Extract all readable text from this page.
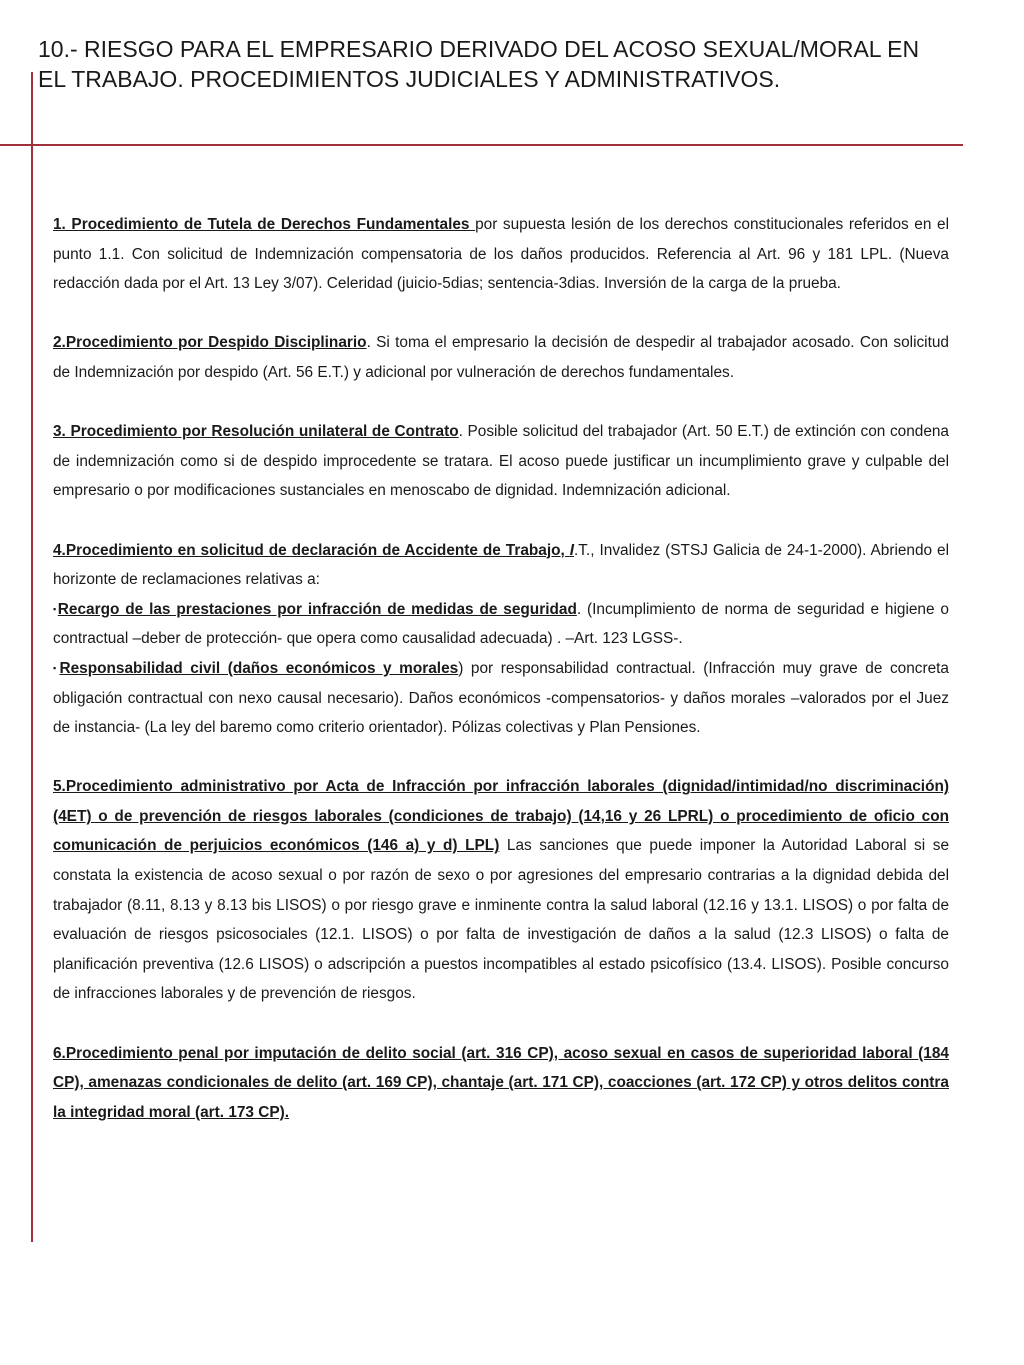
10.- RIESGO PARA EL EMPRESARIO DERIVADO DEL ACOSO SEXUAL/MORAL EN EL TRABAJO. PROCEDIMIENTOS JUDICIALES Y ADMINISTRATIVOS.

1. Procedimiento de Tutela de Derechos Fundamentales por supuesta lesión de los derechos constitucionales referidos en el punto 1.1. Con solicitud de Indemnización compensatoria de los daños producidos. Referencia al Art. 96 y 181 LPL. (Nueva redacción dada por el Art. 13 Ley 3/07). Celeridad (juicio-5dias; sentencia-3dias. Inversión de la carga de la prueba.

2.Procedimiento por Despido Disciplinario. Si toma el empresario la decisión de despedir al trabajador acosado. Con solicitud de Indemnización por despido (Art. 56 E.T.) y adicional por vulneración de derechos fundamentales.

3. Procedimiento por Resolución unilateral de Contrato. Posible solicitud del trabajador (Art. 50 E.T.) de extinción con condena de indemnización como si de despido improcedente se tratara. El acoso puede justificar un incumplimiento grave y culpable del empresario o por modificaciones sustanciales en menoscabo de dignidad. Indemnización adicional.

4.Procedimiento en solicitud de declaración de Accidente de Trabajo, I.T., Invalidez (STSJ Galicia de 24-1-2000). Abriendo el horizonte de reclamaciones relativas a:

▪Recargo de las prestaciones por infracción de medidas de seguridad. (Incumplimiento de norma de seguridad e higiene o contractual –deber de protección- que opera como causalidad adecuada) . –Art. 123 LGSS-.

▪Responsabilidad civil (daños económicos y morales) por responsabilidad contractual. (Infracción muy grave de concreta obligación contractual con nexo causal necesario). Daños económicos -compensatorios- y daños morales –valorados por el Juez de instancia- (La ley del baremo como criterio orientador). Pólizas colectivas y Plan Pensiones.

5.Procedimiento administrativo por Acta de Infracción por infracción laborales (dignidad/intimidad/no discriminación) (4ET) o de prevención de riesgos laborales (condiciones de trabajo) (14,16 y 26 LPRL) o procedimiento de oficio con comunicación de perjuicios económicos (146 a) y d) LPL) Las sanciones que puede imponer la Autoridad Laboral si se constata la existencia de acoso sexual o por razón de sexo o por agresiones del empresario contrarias a la dignidad debida del trabajador (8.11, 8.13 y 8.13 bis LISOS) o por riesgo grave e inminente contra la salud laboral (12.16 y 13.1. LISOS) o por falta de evaluación de riesgos psicosociales (12.1. LISOS) o por falta de investigación de daños a la salud (12.3 LISOS) o falta de planificación preventiva (12.6 LISOS) o adscripción a puestos incompatibles al estado psicofísico (13.4. LISOS). Posible concurso de infracciones laborales y de prevención de riesgos.

6.Procedimiento penal por imputación de delito social (art. 316 CP), acoso sexual en casos de superioridad laboral (184 CP), amenazas condicionales de delito (art. 169 CP), chantaje (art. 171 CP), coacciones (art. 172 CP) y otros delitos contra la integridad moral (art. 173 CP).
